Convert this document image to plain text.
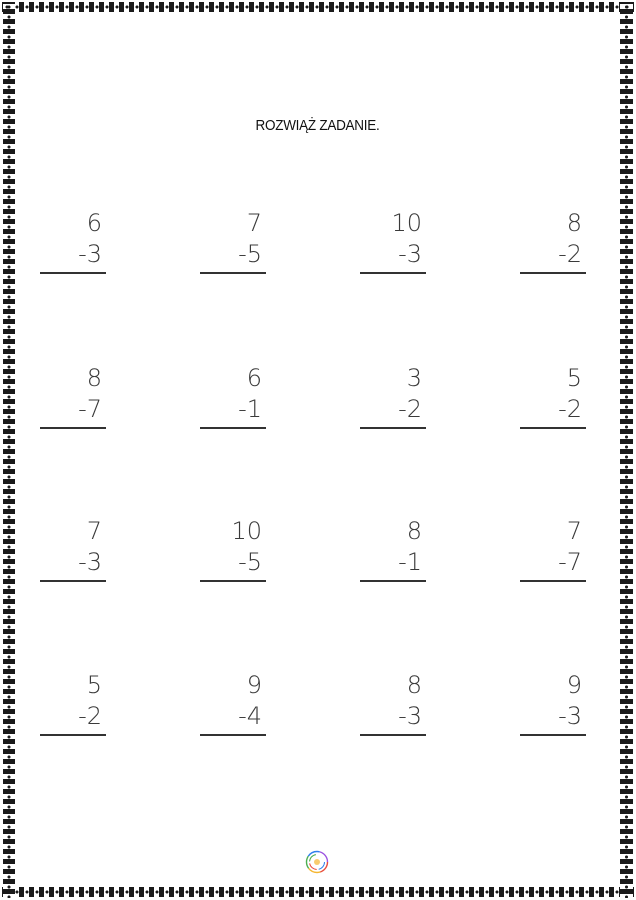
ROZWIĄŻ ZADANIE.
6
-3
7
-5
10
-3
8
-2
8
-7
6
-1
3
-2
5
-2
7
-3
10
-5
8
-1
7
-7
5
-2
9
-4
8
-3
9
-3
